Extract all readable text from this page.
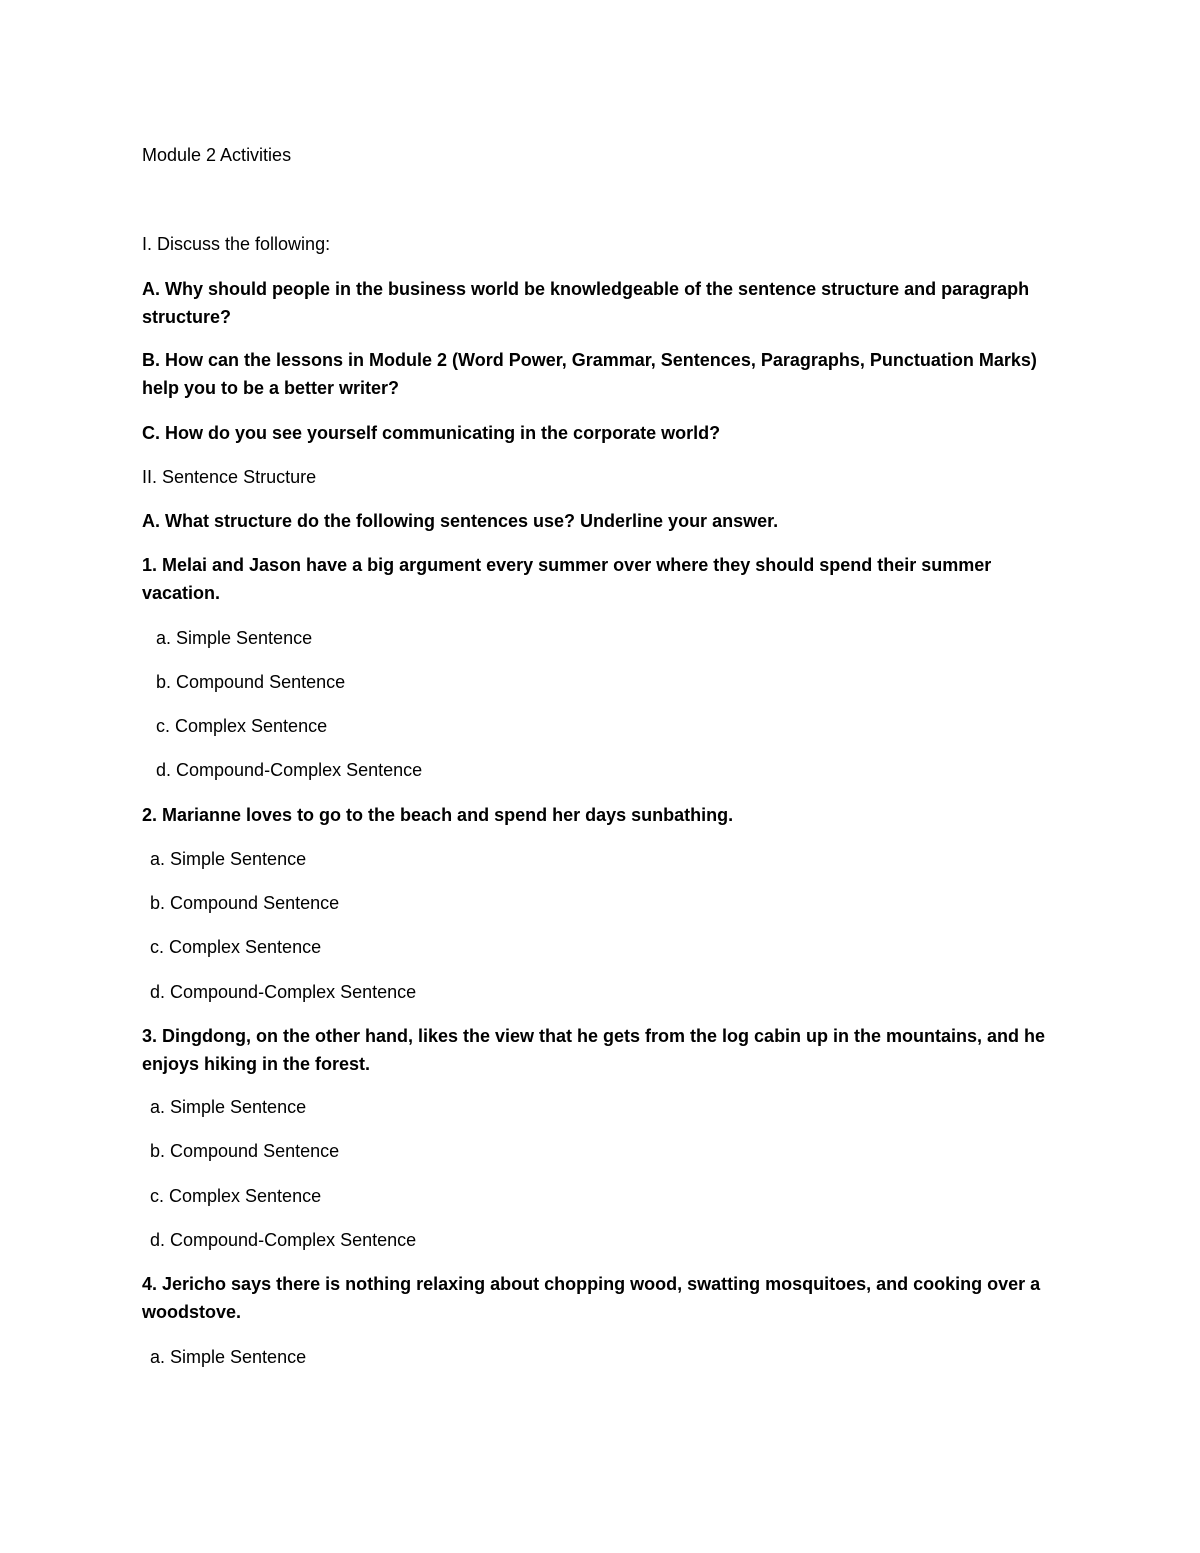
Module 2 Activities

I. Discuss the following:

A. Why should people in the business world be knowledgeable of the sentence structure and paragraph structure?

B. How can the lessons in Module 2 (Word Power, Grammar, Sentences, Paragraphs, Punctuation Marks) help you to be a better writer?

C. How do you see yourself communicating in the corporate world?

II. Sentence Structure

A. What structure do the following sentences use? Underline your answer.

1. Melai and Jason have a big argument every summer over where they should spend their summer vacation.

a. Simple Sentence

b. Compound Sentence

c. Complex Sentence

d. Compound-Complex Sentence

2. Marianne loves to go to the beach and spend her days sunbathing.

a. Simple Sentence

b. Compound Sentence

c. Complex Sentence

d. Compound-Complex Sentence

3. Dingdong, on the other hand, likes the view that he gets from the log cabin up in the mountains, and he enjoys hiking in the forest.

a. Simple Sentence

b. Compound Sentence

c. Complex Sentence

d. Compound-Complex Sentence

4. Jericho says there is nothing relaxing about chopping wood, swatting mosquitoes, and cooking over a woodstove.

a. Simple Sentence
